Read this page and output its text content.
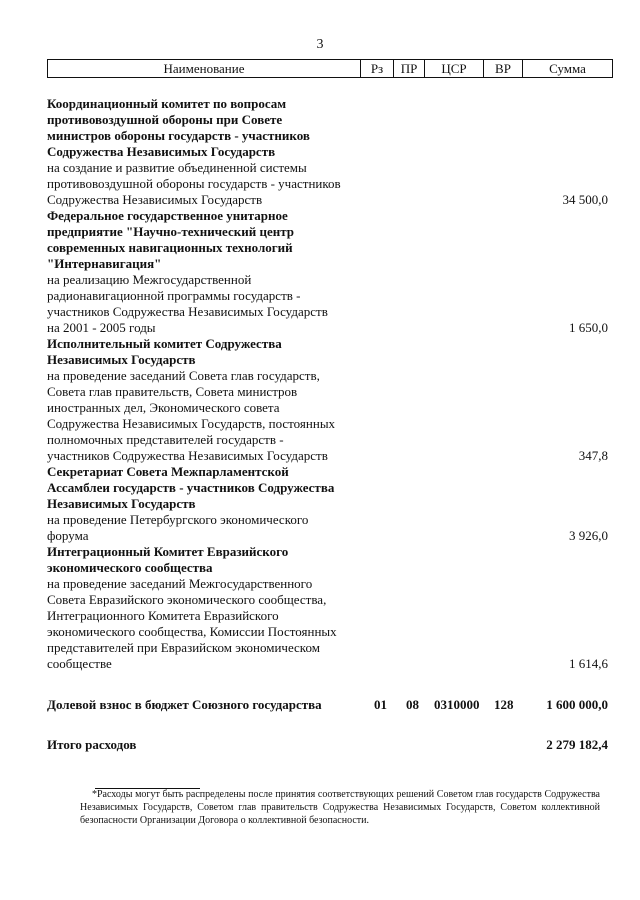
3
Наименование	Рз	ПР	ЦСР	ВР	Сумма
Координационный комитет по вопросам
противовоздушной обороны при Совете
министров обороны государств - участников
Содружества Независимых Государств
на создание и развитие объединенной системы
противовоздушной обороны государств - участников
Содружества Независимых Государств	34 500,0
Федеральное государственное унитарное
предприятие "Научно-технический центр
современных навигационных технологий
"Интернавигация"
на реализацию Межгосударственной
радионавигационной программы государств -
участников Содружества Независимых Государств
на 2001 - 2005 годы	1 650,0
Исполнительный комитет Содружества
Независимых Государств
на проведение заседаний Совета глав государств,
Совета глав правительств, Совета министров
иностранных дел, Экономического совета
Содружества Независимых Государств, постоянных
полномочных представителей государств -
участников Содружества Независимых Государств	347,8
Секретариат Совета Межпарламентской
Ассамблеи государств - участников Содружества
Независимых Государств
на проведение Петербургского экономического
форума	3 926,0
Интеграционный Комитет Евразийского
экономического сообщества
на проведение заседаний Межгосударственного
Совета Евразийского экономического сообщества,
Интеграционного Комитета Евразийского
экономического сообщества, Комиссии Постоянных
представителей при Евразийском экономическом
сообществе	1 614,6
Долевой взнос в бюджет Союзного государства	01 08 0310000 128	1 600 000,0
Итого расходов	2 279 182,4
*Расходы могут быть распределены после принятия соответствующих решений Советом глав государств Содружества Независимых Государств, Советом глав правительств Содружества Независимых Государств, Советом коллективной безопасности Организации Договора о коллективной безопасности.
